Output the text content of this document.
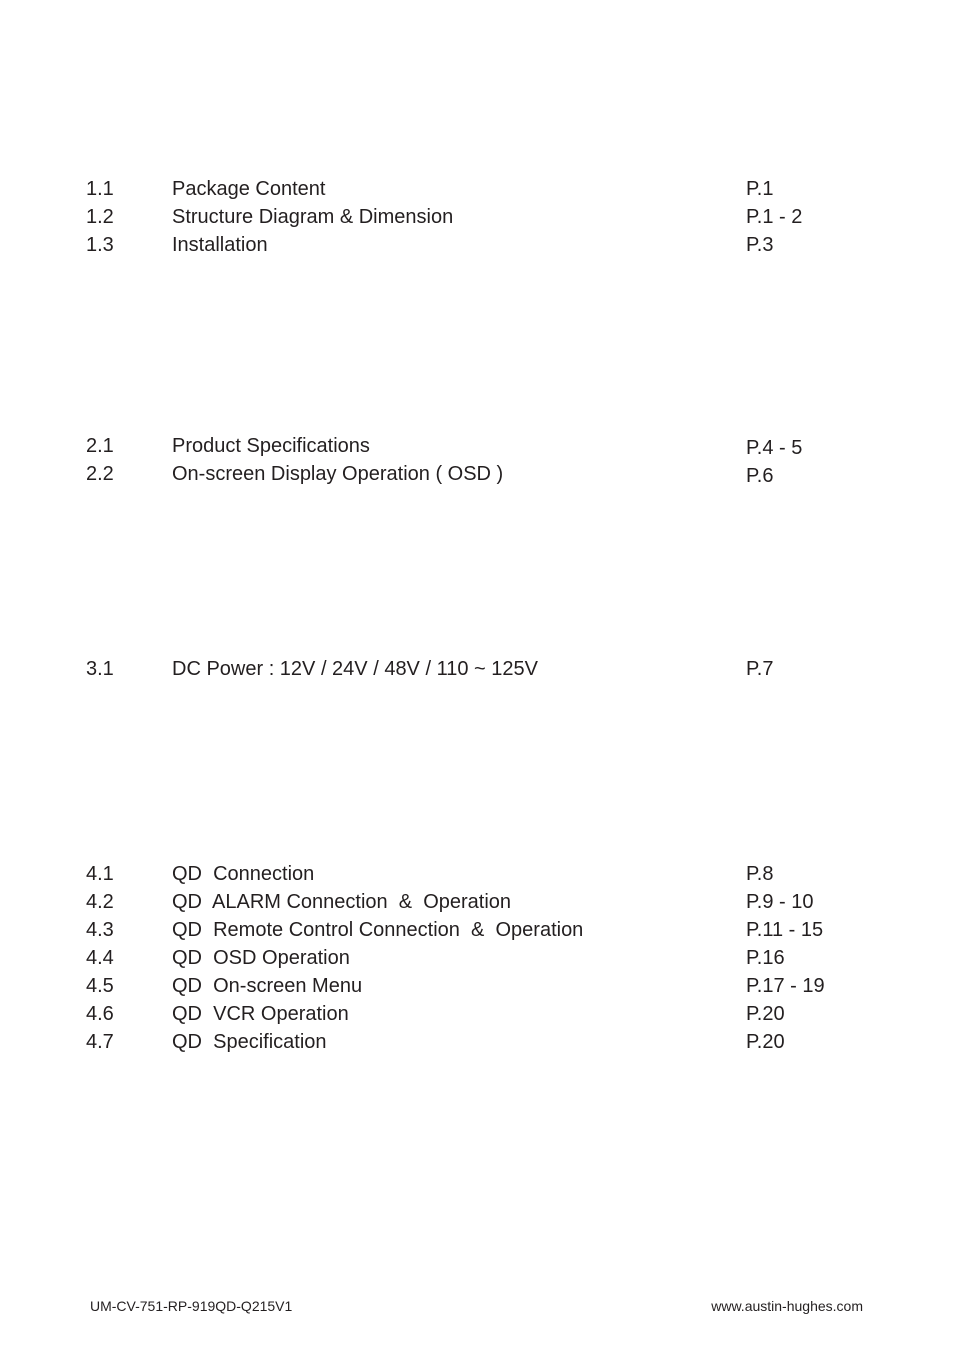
1.1	Package Content	P.1
1.2	Structure Diagram & Dimension	P.1 - 2
1.3	Installation	P.3
2.1	Product Specifications	P.4 - 5
2.2	On-screen Display Operation ( OSD )	P.6
3.1	DC Power : 12V / 24V / 48V / 110 ~ 125V	P.7
4.1	QD  Connection	P.8
4.2	QD  ALARM Connection  &  Operation	P.9 - 10
4.3	QD  Remote Control Connection  &  Operation	P.11 - 15
4.4	QD  OSD Operation	P.16
4.5	QD  On-screen Menu	P.17 - 19
4.6	QD  VCR Operation	P.20
4.7	QD  Specification	P.20
UM-CV-751-RP-919QD-Q215V1	www.austin-hughes.com
